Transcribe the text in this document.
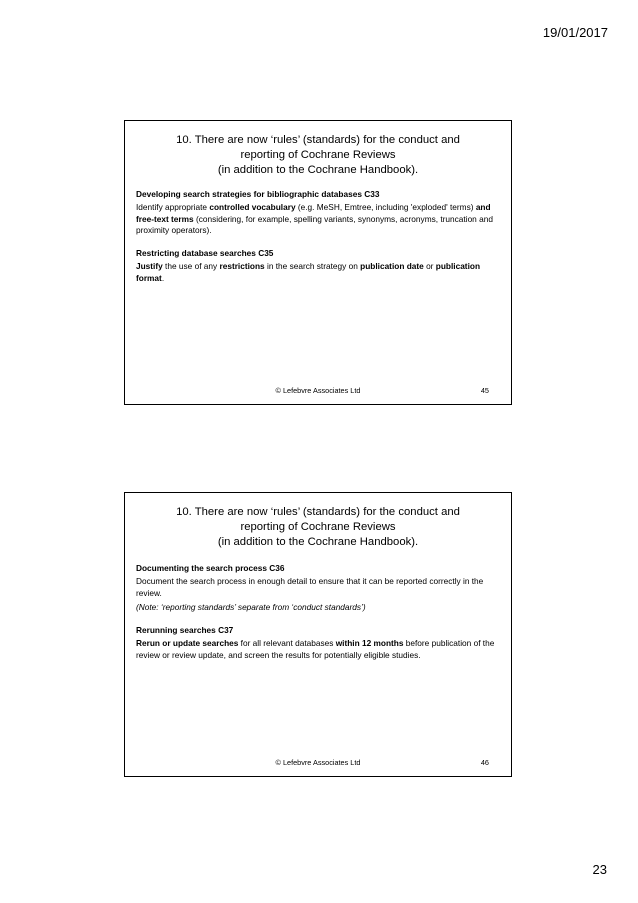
19/01/2017
10. There are now ‘rules’ (standards) for the conduct and
reporting of Cochrane Reviews
(in addition to the Cochrane Handbook).

Developing search strategies for bibliographic databases C33

Identify appropriate controlled vocabulary (e.g. MeSH, Emtree, including 'exploded' terms) and free-text terms (considering, for example, spelling variants, synonyms, acronyms, truncation and proximity operators).

Restricting database searches C35

Justify the use of any restrictions in the search strategy on publication date or publication format.

© Lefebvre Associates Ltd	45
10. There are now ‘rules’ (standards) for the conduct and
reporting of Cochrane Reviews
(in addition to the Cochrane Handbook).

Documenting the search process C36

Document the search process in enough detail to ensure that it can be reported correctly in the review.

(Note: ‘reporting standards’ separate from ‘conduct standards’)

Rerunning searches C37

Rerun or update searches for all relevant databases within 12 months before publication of the review or review update, and screen the results for potentially eligible studies.

© Lefebvre Associates Ltd	46
23
